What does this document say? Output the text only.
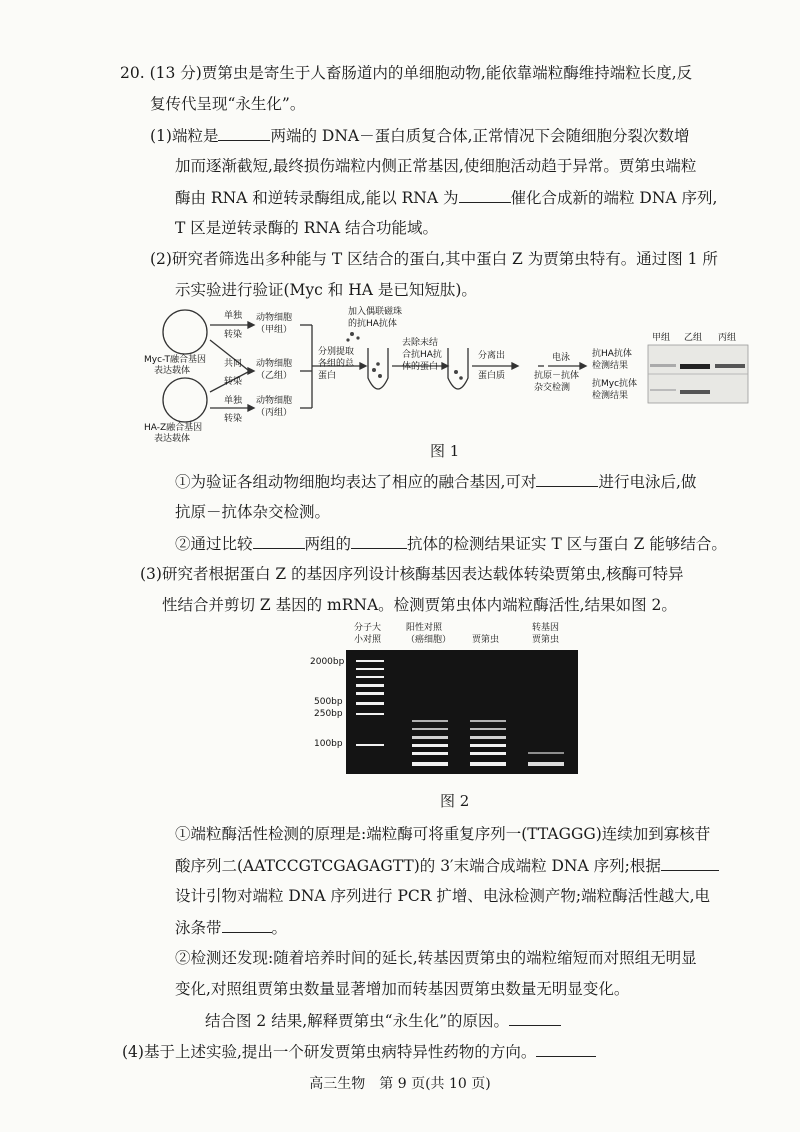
20. (13 分)贾第虫是寄生于人畜肠道内的单细胞动物,能依靠端粒酶维持端粒长度,反
复传代呈现“永生化”。
(1)端粒是	两端的 DNA－蛋白质复合体,正常情况下会随细胞分裂次数增
加而逐渐截短,最终损伤端粒内侧正常基因,使细胞活动趋于异常。贾第虫端粒
酶由 RNA 和逆转录酶组成,能以 RNA 为	催化合成新的端粒 DNA 序列,
T 区是逆转录酶的 RNA 结合功能域。
(2)研究者筛选出多种能与 T 区结合的蛋白,其中蛋白 Z 为贾第虫特有。通过图 1 所
示实验进行验证(Myc 和 HA 是已知短肽)。
Myc-T融合基因
表达载体
HA-Z融合基因
表达载体
单独
转染
共同
转染
单独
转染
动物细胞
（甲组）
动物细胞
（乙组）
动物细胞
（丙组）
分别提取
各组的总
蛋白
加入偶联磁珠
的抗HA抗体
去除未结
合抗HA抗
体的蛋白
分离出
蛋白质
电泳
抗原－抗体
杂交检测
抗HA抗体
检测结果
抗Myc抗体
检测结果
甲组 乙组 丙组
图 1
①为验证各组动物细胞均表达了相应的融合基因,可对	进行电泳后,做
抗原－抗体杂交检测。
②通过比较	两组的	抗体的检测结果证实 T 区与蛋白 Z 能够结合。
(3)研究者根据蛋白 Z 的基因序列设计核酶基因表达载体转染贾第虫,核酶可特异
性结合并剪切 Z 基因的 mRNA。检测贾第虫体内端粒酶活性,结果如图 2。
分子大
小对照
阳性对照
（癌细胞） 贾第虫
转基因
贾第虫
2000bp
500bp
250bp
100bp
图 2
①端粒酶活性检测的原理是:端粒酶可将重复序列一(TTAGGG)连续加到寡核苷
酸序列二(AATCCGTCGAGAGTT)的 3′末端合成端粒 DNA 序列;根据
设计引物对端粒 DNA 序列进行 PCR 扩增、电泳检测产物;端粒酶活性越大,电
泳条带	。
②检测还发现:随着培养时间的延长,转基因贾第虫的端粒缩短而对照组无明显
变化,对照组贾第虫数量显著增加而转基因贾第虫数量无明显变化。
结合图 2 结果,解释贾第虫“永生化”的原因。
(4)基于上述实验,提出一个研发贾第虫病特异性药物的方向。
高三生物　第 9 页(共 10 页)
